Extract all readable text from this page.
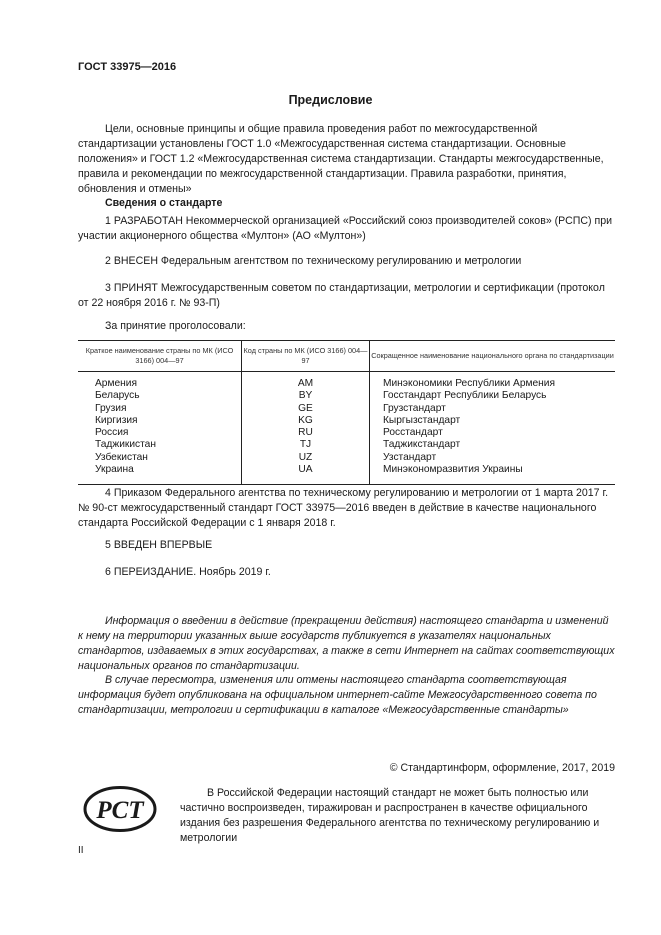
ГОСТ 33975—2016
Предисловие

Цели, основные принципы и общие правила проведения работ по межгосударственной стандартизации установлены ГОСТ 1.0 «Межгосударственная система стандартизации. Основные положения» и ГОСТ 1.2 «Межгосударственная система стандартизации. Стандарты межгосударственные, правила и рекомендации по межгосударственной стандартизации. Правила разработки, принятия, обновления и отмены»

Сведения о стандарте

1 РАЗРАБОТАН Некоммерческой организацией «Российский союз производителей соков» (РСПС) при участии акционерного общества «Мултон» (АО «Мултон»)

2 ВНЕСЕН Федеральным агентством по техническому регулированию и метрологии

3 ПРИНЯТ Межгосударственным советом по стандартизации, метрологии и сертификации (протокол от 22 ноября 2016 г. № 93-П)

За принятие проголосовали:

Краткое наименование страны по МК (ИСО 3166) 004—97	Код страны по МК (ИСО 3166) 004—97	Сокращенное наименование национального органа по стандартизации
Армения	AM	Минэкономики Республики Армения
Беларусь	BY	Госстандарт Республики Беларусь
Грузия	GE	Грузстандарт
Киргизия	KG	Кыргызстандарт
Россия	RU	Росстандарт
Таджикистан	TJ	Таджикстандарт
Узбекистан	UZ	Узстандарт
Украина	UA	Минэкономразвития Украины

4 Приказом Федерального агентства по техническому регулированию и метрологии от 1 марта 2017 г. № 90-ст межгосударственный стандарт ГОСТ 33975—2016 введен в действие в качестве национального стандарта Российской Федерации с 1 января 2018 г.

5 ВВЕДЕН ВПЕРВЫЕ

6 ПЕРЕИЗДАНИЕ. Ноябрь 2019 г.

Информация о введении в действие (прекращении действия) настоящего стандарта и изменений к нему на территории указанных выше государств публикуется в указателях национальных стандартов, издаваемых в этих государствах, а также в сети Интернет на сайтах соответствующих национальных органов по стандартизации.

В случае пересмотра, изменения или отмены настоящего стандарта соответствующая информация будет опубликована на официальном интернет-сайте Межгосударственного совета по стандартизации, метрологии и сертификации в каталоге «Межгосударственные стандарты»

© Стандартинформ, оформление, 2017, 2019

В Российской Федерации настоящий стандарт не может быть полностью или частично воспроизведен, тиражирован и распространен в качестве официального издания без разрешения Федерального агентства по техническому регулированию и метрологии

РСТ
II
